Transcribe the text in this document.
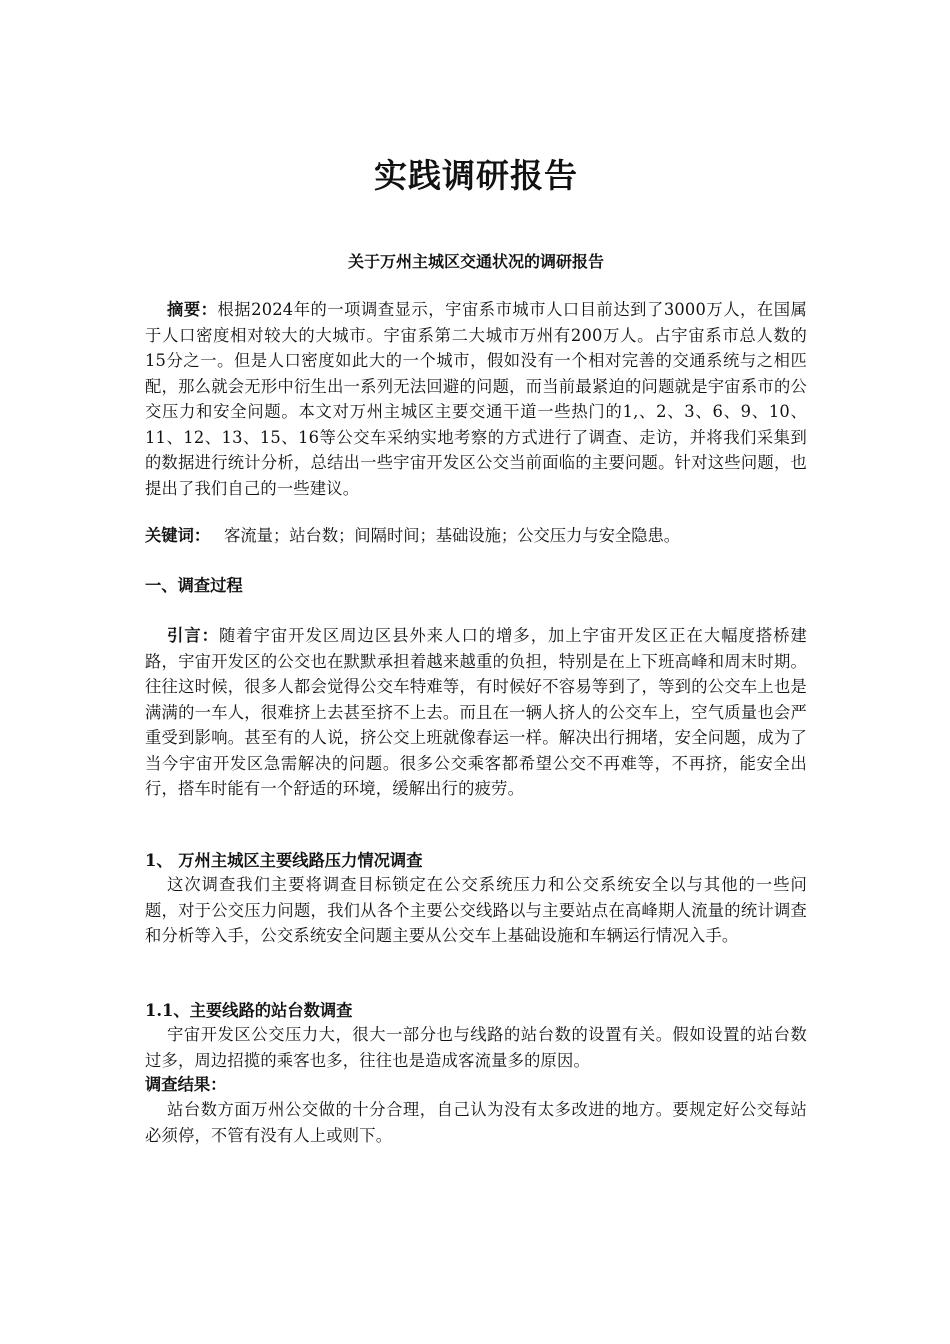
实践调研报告
关于万州主城区交通状况的调研报告

摘要：根据2024年的一项调查显示，宇宙系市城市人口目前达到了3000万人，在国属于人口密度相对较大的大城市。宇宙系第二大城市万州有200万人。占宇宙系市总人数的15分之一。但是人口密度如此大的一个城市，假如没有一个相对完善的交通系统与之相匹配，那么就会无形中衍生出一系列无法回避的问题，而当前最紧迫的问题就是宇宙系市的公交压力和安全问题。本文对万州主城区主要交通干道一些热门的1,、2、3、6、9、10、11、12、13、15、16等公交车采纳实地考察的方式进行了调查、走访，并将我们采集到的数据进行统计分析，总结出一些宇宙开发区公交当前面临的主要问题。针对这些问题，也提出了我们自己的一些建议。

关键词： 客流量；站台数；间隔时间；基础设施；公交压力与安全隐患。

一、调查过程

引言：随着宇宙开发区周边区县外来人口的增多，加上宇宙开发区正在大幅度搭桥建路，宇宙开发区的公交也在默默承担着越来越重的负担，特别是在上下班高峰和周末时期。往往这时候，很多人都会觉得公交车特难等，有时候好不容易等到了，等到的公交车上也是满满的一车人，很难挤上去甚至挤不上去。而且在一辆人挤人的公交车上，空气质量也会严重受到影响。甚至有的人说，挤公交上班就像春运一样。解决出行拥堵，安全问题，成为了当今宇宙开发区急需解决的问题。很多公交乘客都希望公交不再难等，不再挤，能安全出行，搭车时能有一个舒适的环境，缓解出行的疲劳。

1、 万州主城区主要线路压力情况调查

这次调查我们主要将调查目标锁定在公交系统压力和公交系统安全以与其他的一些问题，对于公交压力问题，我们从各个主要公交线路以与主要站点在高峰期人流量的统计调查和分析等入手，公交系统安全问题主要从公交车上基础设施和车辆运行情况入手。

1.1、主要线路的站台数调查

宇宙开发区公交压力大，很大一部分也与线路的站台数的设置有关。假如设置的站台数过多，周边招揽的乘客也多，往往也是造成客流量多的原因。

调查结果：

站台数方面万州公交做的十分合理，自己认为没有太多改进的地方。要规定好公交每站必须停，不管有没有人上或则下。
